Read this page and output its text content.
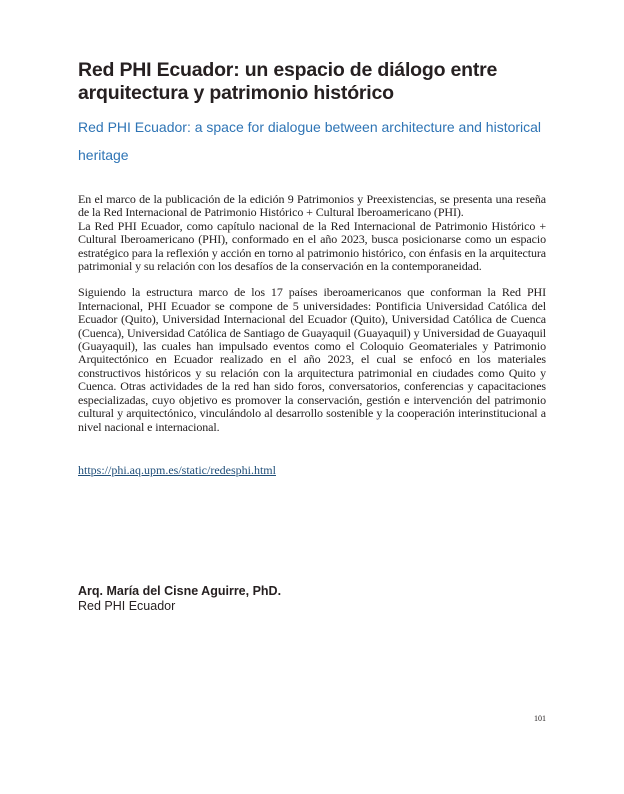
Red PHI Ecuador: un espacio de diálogo entre arquitectura y patrimonio histórico
Red PHI Ecuador: a space for dialogue between architecture and historical heritage

En el marco de la publicación de la edición 9 Patrimonios y Preexistencias, se presenta una reseña de la Red Internacional de Patrimonio Histórico + Cultural Iberoamericano (PHI).

La Red PHI Ecuador, como capítulo nacional de la Red Internacional de Patrimonio Histórico + Cultural Iberoamericano (PHI), conformado en el año 2023, busca posicionarse como un espacio estratégico para la reflexión y acción en torno al patrimonio histórico, con énfasis en la arquitectura patrimonial y su relación con los desafíos de la conservación en la contemporaneidad.

Siguiendo la estructura marco de los 17 países iberoamericanos que conforman la Red PHI Internacional, PHI Ecuador se compone de 5 universidades: Pontificia Universidad Católica del Ecuador (Quito), Universidad Internacional del Ecuador (Quito), Universidad Católica de Cuenca (Cuenca), Universidad Católica de Santiago de Guayaquil (Guayaquil) y Universidad de Guayaquil (Guayaquil), las cuales han impulsado eventos como el Coloquio Geomateriales y Patrimonio Arquitectónico en Ecuador realizado en el año 2023, el cual se enfocó en los materiales constructivos históricos y su relación con la arquitectura patrimonial en ciudades como Quito y Cuenca. Otras actividades de la red han sido foros, conversatorios, conferencias y capacitaciones especializadas, cuyo objetivo es promover la conservación, gestión e intervención del patrimonio cultural y arquitectónico, vinculándolo al desarrollo sostenible y la cooperación interinstitucional a nivel nacional e internacional.

https://phi.aq.upm.es/static/redesphi.html
Arq. María del Cisne Aguirre, PhD.
Red PHI Ecuador
101
